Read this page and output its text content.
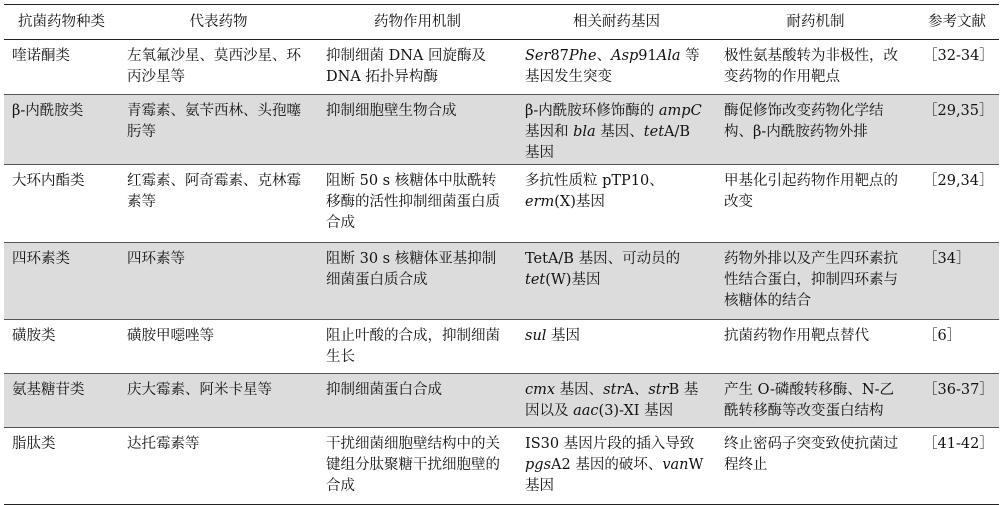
抗菌药物种类	代表药物	药物作用机制	相关耐药基因	耐药机制	参考文献
喹诺酮类	左氧氟沙星、莫西沙星、环丙沙星等	抑制细菌 DNA 回旋酶及 DNA 拓扑异构酶	Ser87Phe、Asp91Ala 等基因发生突变	极性氨基酸转为非极性，改变药物的作用靶点	［32-34］
β-内酰胺类	青霉素、氨苄西林、头孢噻肟等	抑制细胞壁生物合成	β-内酰胺环修饰酶的 ampC 基因和 bla 基因、tetA/B 基因	酶促修饰改变药物化学结构、β-内酰胺药物外排	［29,35］
大环内酯类	红霉素、阿奇霉素、克林霉素等	阻断 50 s 核糖体中肽酰转移酶的活性抑制细菌蛋白质合成	多抗性质粒 pTP10、erm(X)基因	甲基化引起药物作用靶点的改变	［29,34］
四环素类	四环素等	阻断 30 s 核糖体亚基抑制细菌蛋白质合成	TetA/B 基因、可动员的 tet(W)基因	药物外排以及产生四环素抗性结合蛋白，抑制四环素与核糖体的结合	［34］
磺胺类	磺胺甲噁唑等	阻止叶酸的合成，抑制细菌生长	sul 基因	抗菌药物作用靶点替代	［6］
氨基糖苷类	庆大霉素、阿米卡星等	抑制细菌蛋白合成	cmx 基因、strA、strB 基因以及 aac(3)-XI 基因	产生 O-磷酸转移酶、N-乙酰转移酶等改变蛋白结构	［36-37］
脂肽类	达托霉素等	干扰细菌细胞壁结构中的关键组分肽聚糖干扰细胞壁的合成	IS30 基因片段的插入导致 pgsA2 基因的破坏、vanW 基因	终止密码子突变致使抗菌过程终止	［41-42］
